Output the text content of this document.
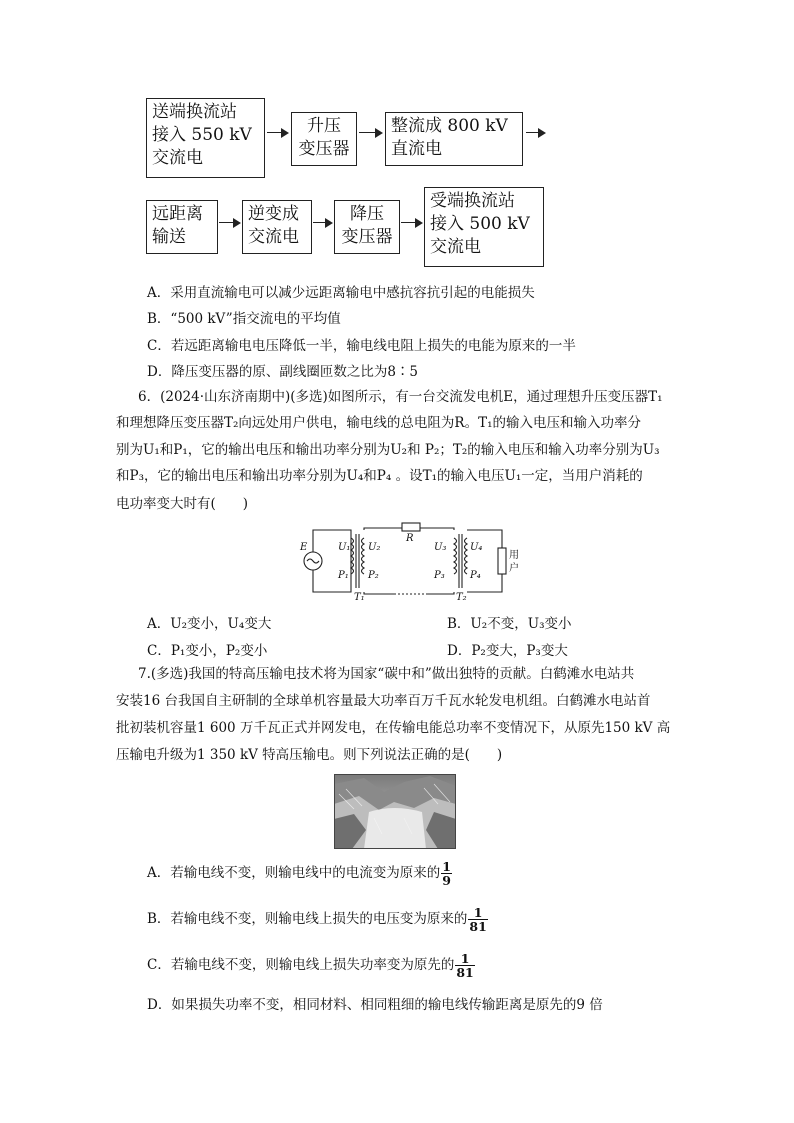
送端换流站
接入 550 kV
交流电
升压
变压器
整流成 800 kV
直流电
远距离
输送
逆变成
交流电
降压
变压器
受端换流站
接入 500 kV
交流电
A．采用直流输电可以减少远距离输电中感抗容抗引起的电能损失
B．“500 kV”指交流电的平均值
C．若远距离输电电压降低一半，输电线电阻上损失的电能为原来的一半
D．降压变压器的原、副线圈匝数之比为8∶5
6．(2024·山东济南期中)(多选)如图所示，有一台交流发电机E，通过理想升压变压器T₁
和理想降压变压器T₂向远处用户供电，输电线的总电阻为R。T₁的输入电压和输入功率分
别为U₁和P₁，它的输出电压和输出功率分别为U₂和 P₂；T₂的输入电压和输入功率分别为U₃
和P₃，它的输出电压和输出功率分别为U₄和P₄ 。设T₁的输入电压U₁一定，当用户消耗的
电功率变大时有(　　)
E
R
U₁
P₁
U₂
P₂
U₃
P₃
U₄
P₄
T₁	T₂
用
户
A．U₂变小，U₄变大	B．U₂不变，U₃变小
C．P₁变小，P₂变小	D．P₂变大，P₃变大
7.(多选)我国的特高压输电技术将为国家“碳中和”做出独特的贡献。白鹤滩水电站共
安装16 台我国自主研制的全球单机容量最大功率百万千瓦水轮发电机组。白鹤滩水电站首
批初装机容量1 600 万千瓦正式并网发电，在传输电能总功率不变情况下，从原先150 kV 高
压输电升级为1 350 kV 特高压输电。则下列说法正确的是(　　)
A．若输电线不变，则输电线中的电流变为原来的 $\frac{1}{9}$
B．若输电线不变，则输电线上损失的电压变为原来的 $\frac{1}{81}$
C．若输电线不变，则输电线上损失功率变为原先的 $\frac{1}{81}$
D．如果损失功率不变，相同材料、相同粗细的输电线传输距离是原先的9 倍
